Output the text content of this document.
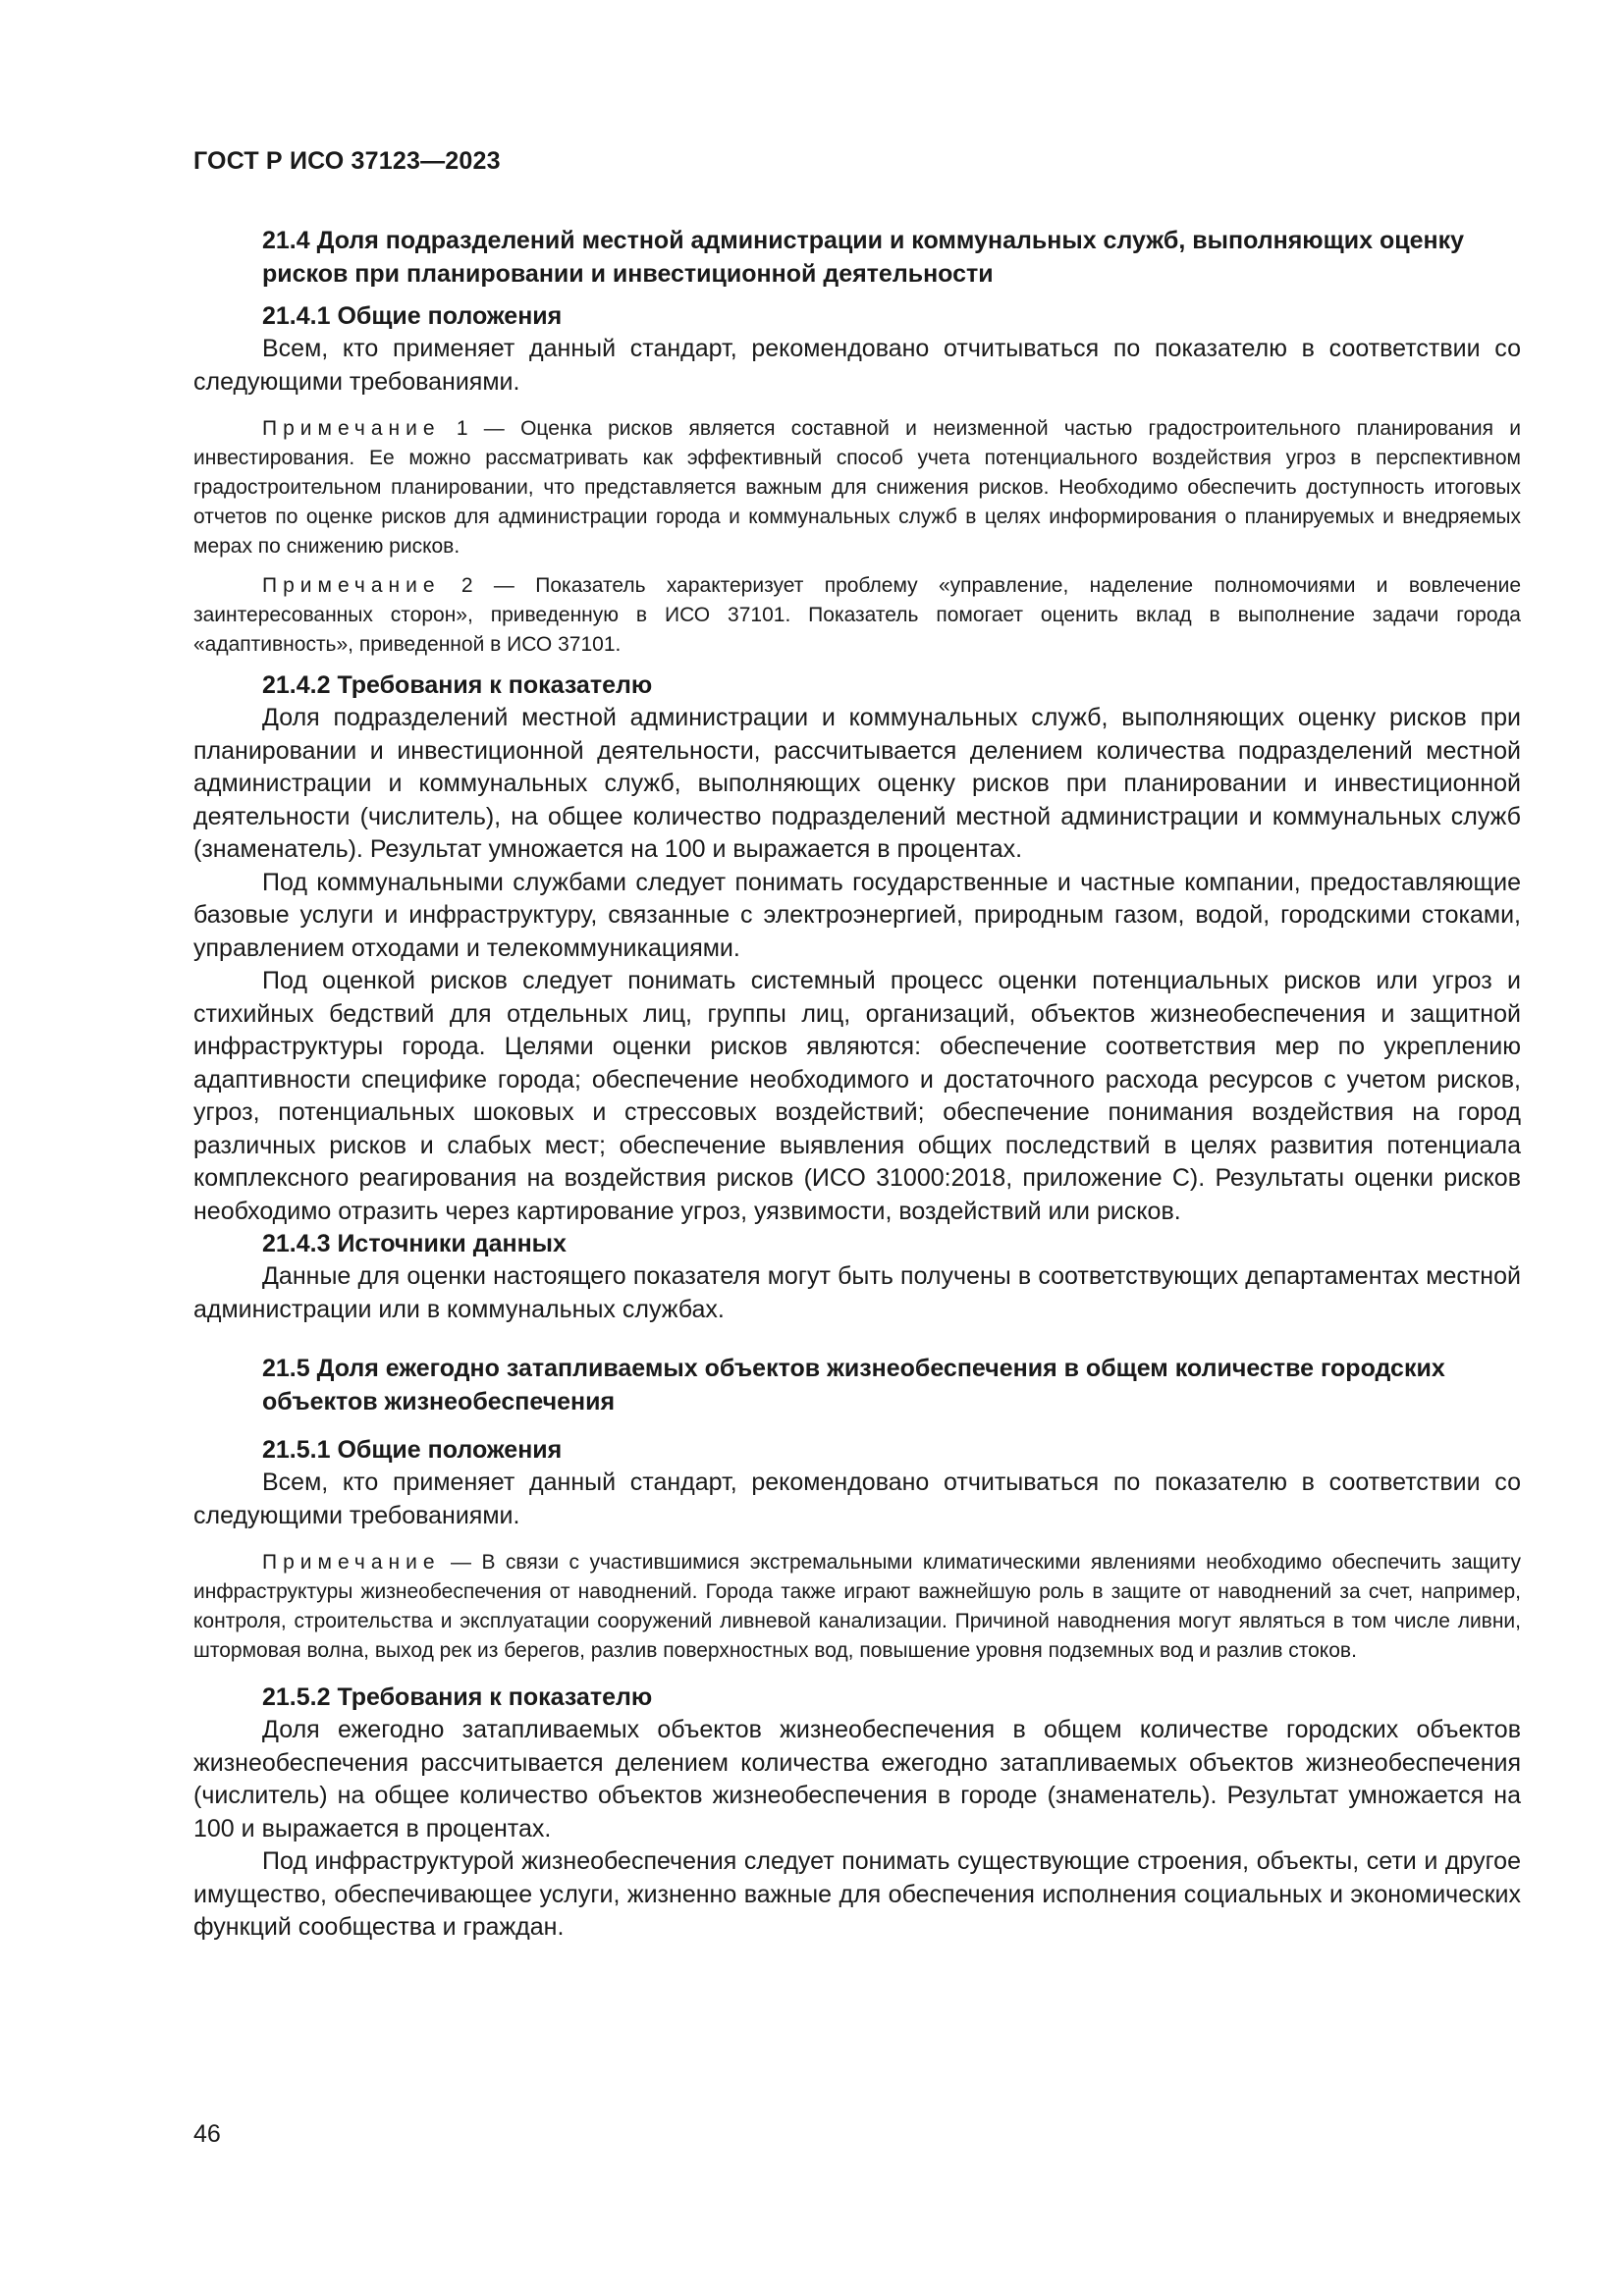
ГОСТ Р ИСО 37123—2023

21.4 Доля подразделений местной администрации и коммунальных служб, выполняющих оценку рисков при планировании и инвестиционной деятельности

21.4.1 Общие положения

Всем, кто применяет данный стандарт, рекомендовано отчитываться по показателю в соответствии со следующими требованиями.

Примечание 1 — Оценка рисков является составной и неизменной частью градостроительного планирования и инвестирования. Ее можно рассматривать как эффективный способ учета потенциального воздействия угроз в перспективном градостроительном планировании, что представляется важным для снижения рисков. Необходимо обеспечить доступность итоговых отчетов по оценке рисков для администрации города и коммунальных служб в целях информирования о планируемых и внедряемых мерах по снижению рисков.

Примечание 2 — Показатель характеризует проблему «управление, наделение полномочиями и вовлечение заинтересованных сторон», приведенную в ИСО 37101. Показатель помогает оценить вклад в выполнение задачи города «адаптивность», приведенной в ИСО 37101.

21.4.2 Требования к показателю

Доля подразделений местной администрации и коммунальных служб, выполняющих оценку рисков при планировании и инвестиционной деятельности, рассчитывается делением количества подразделений местной администрации и коммунальных служб, выполняющих оценку рисков при планировании и инвестиционной деятельности (числитель), на общее количество подразделений местной администрации и коммунальных служб (знаменатель). Результат умножается на 100 и выражается в процентах.

Под коммунальными службами следует понимать государственные и частные компании, предоставляющие базовые услуги и инфраструктуру, связанные с электроэнергией, природным газом, водой, городскими стоками, управлением отходами и телекоммуникациями.

Под оценкой рисков следует понимать системный процесс оценки потенциальных рисков или угроз и стихийных бедствий для отдельных лиц, группы лиц, организаций, объектов жизнеобеспечения и защитной инфраструктуры города. Целями оценки рисков являются: обеспечение соответствия мер по укреплению адаптивности специфике города; обеспечение необходимого и достаточного расхода ресурсов с учетом рисков, угроз, потенциальных шоковых и стрессовых воздействий; обеспечение понимания воздействия на город различных рисков и слабых мест; обеспечение выявления общих последствий в целях развития потенциала комплексного реагирования на воздействия рисков (ИСО 31000:2018, приложение С). Результаты оценки рисков необходимо отразить через картирование угроз, уязвимости, воздействий или рисков.

21.4.3 Источники данных

Данные для оценки настоящего показателя могут быть получены в соответствующих департаментах местной администрации или в коммунальных службах.

21.5 Доля ежегодно затапливаемых объектов жизнеобеспечения в общем количестве городских объектов жизнеобеспечения

21.5.1 Общие положения

Всем, кто применяет данный стандарт, рекомендовано отчитываться по показателю в соответствии со следующими требованиями.

Примечание — В связи с участившимися экстремальными климатическими явлениями необходимо обеспечить защиту инфраструктуры жизнеобеспечения от наводнений. Города также играют важнейшую роль в защите от наводнений за счет, например, контроля, строительства и эксплуатации сооружений ливневой канализации. Причиной наводнения могут являться в том числе ливни, штормовая волна, выход рек из берегов, разлив поверхностных вод, повышение уровня подземных вод и разлив стоков.

21.5.2 Требования к показателю

Доля ежегодно затапливаемых объектов жизнеобеспечения в общем количестве городских объектов жизнеобеспечения рассчитывается делением количества ежегодно затапливаемых объектов жизнеобеспечения (числитель) на общее количество объектов жизнеобеспечения в городе (знаменатель). Результат умножается на 100 и выражается в процентах.

Под инфраструктурой жизнеобеспечения следует понимать существующие строения, объекты, сети и другое имущество, обеспечивающее услуги, жизненно важные для обеспечения исполнения социальных и экономических функций сообщества и граждан.

46
